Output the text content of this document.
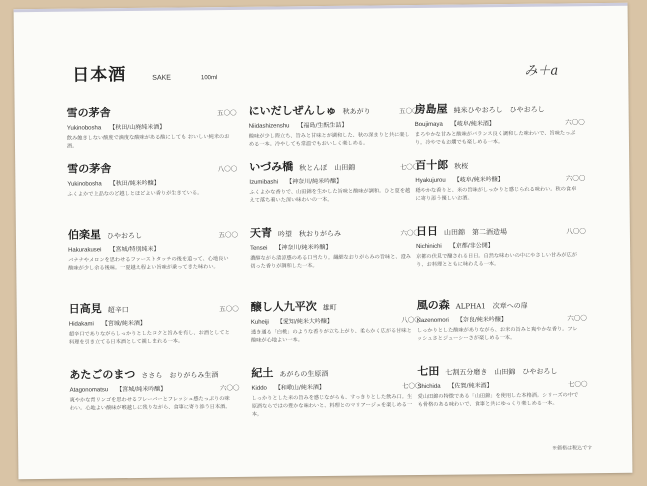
日本酒	SAKE	100ml	み＋a
雪の茅舎	五〇〇
Yukinobosha 【秋田/山廃純米酒】
飲み飽きしない酸度で滴度な酸味がある酸にしても おいしい純米のお酒。
雪の茅舎	八〇〇
Yukinobosha 【秋田/純米吟醸】
ふくよかで上品なのど越しとほどよい香りが生きている。
伯楽星 ひやおろし	五〇〇
Hakurakusei 【宮城/特別純米】
バナナやメロンを思わせるファーストタッチの後を追って、心地良い酸味が少し余る後味。一夏越え程よい旨味が乗ってきた味わい。
日高見 超辛口	五〇〇
Hidakami 【宮城/純米酒】
超辛口でありながらしっかりとしたコクと旨みを有し、お酒としてと料理を引き立てる日本酒として親しまれる一本。
あたごのまつ ささら　おりがらみ生酒
Atagonomatsu 【宮城/純米吟醸】	六〇〇
爽やかな青リンゴを思わせるフレーバーとフレッシュ感たっぷりの味わい。心地よい酸味が喉越しに残りながら、食事に寄り添う日本酒。
にいだしぜんしゅ 秋あがり	五〇〇
Niidashizenshu 【福島/生酛生詰】
酸味が少し際立ち、旨みと甘味とが調和した、秋の深まりと共に楽しめる一本。冷やしても常温でもおいしく楽しめる。
いづみ橋 秋とんぼ　山田錦	七〇〇
Izumibashi 【神奈川/純米吟醸】
ふくよかな香りで、山田錦を生かした旨味と酸味が調和。ひと夏を越えて落ち着いた深い味わいの一本。
天青 吟望　秋おりがらみ	六〇〇
Tensei 【神奈川/純米吟醸】
濃醇ながら清涼感のある口当たり。繊細なおりがらみの旨味と、澄み切った香りが調和した一本。
醸し人九平次 雄町
Kuheiji 【愛知/純米大吟醸】	八〇〇
透き通る「白桃」のような香りが立ち上がり、柔らかく広がる甘味と酸味が心地よい一本。
紀土 あがらの生原酒
Kiddo 【和歌山/純米酒】	七〇〇
しっかりとした米の旨みを感じながらも、すっきりとした飲み口。生原酒ならではの豊かな味わいと、料理とのマリアージュを楽しめる一本。
房島屋 純米ひやおろし　ひやおろし
Boujimaya 【岐阜/純米酒】	六〇〇
まろやかな甘みと酸味がバランス良く調和した味わいで、旨味たっぷり。冷やでもお燗でも楽しめる一本。
百十郎 秋桜
Hyakujurou 【岐阜/純米吟醸】	六〇〇
穏やかな香りと、米の旨味がしっかりと感じられる味わい。秋の食卓に寄り添う優しいお酒。
日日 山田錦　第二酒造場	八〇〇
Nichinichi 【京都/非公開】
京都の伏見で醸される日日。自然な味わいの中にやさしい甘みが広がり、お料理とともに味わえる一本。
風の森 ALPHA1　次章への扉
Kazenomori 【奈良/純米吟醸】	六〇〇
しっかりとした酸味がありながら、お米の旨みと爽やかな香り。フレッシュさとジューシーさが楽しめる一本。
七田 七割五分磨き　山田錦　ひやおろし
Shichida 【佐賀/純米酒】	七〇〇
愛山田錦の特徴である「山田錦」を使用した本格酒。シリーズの中でも骨格のある味わいで、食事と共にゆっくり楽しめる一本。
※価格は税込です
